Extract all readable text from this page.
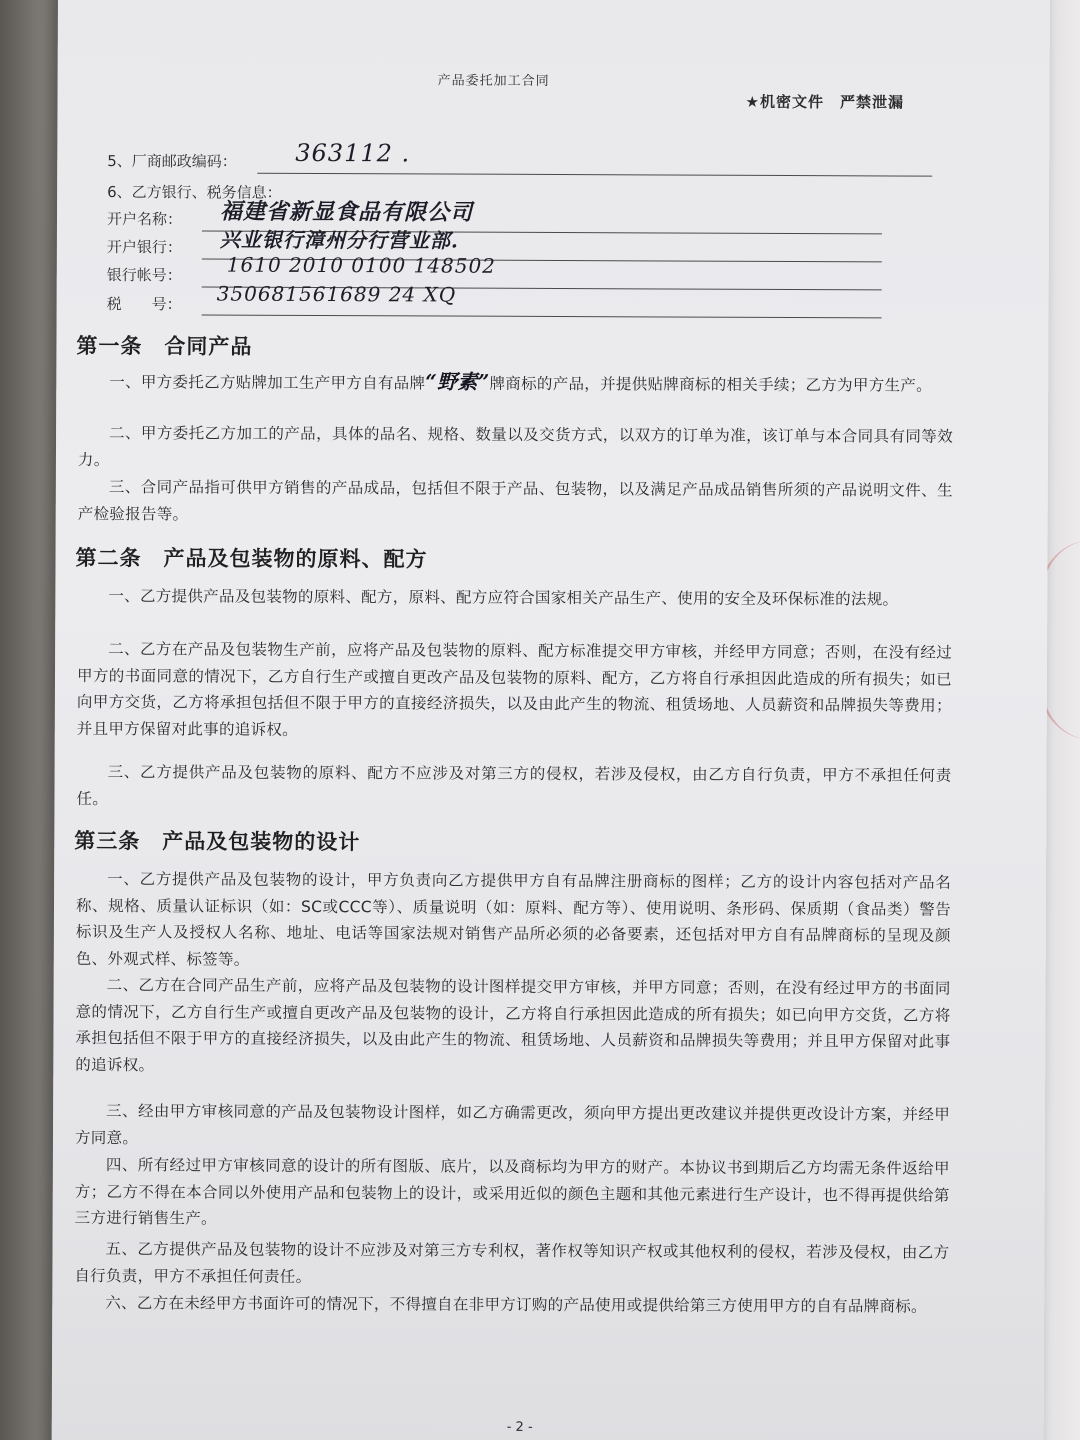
产品委托加工合同
★机密文件　严禁泄漏
5、厂商邮政编码： 363112 .
6、乙方银行、税务信息：
开户名称： 福建省新显食品有限公司
开户银行： 兴业银行漳州分行营业部.
银行帐号： 1610 2010 0100 148502
税　　号： 350681561689 24 XQ
第一条　合同产品
一、甲方委托乙方贴牌加工生产甲方自有品牌“野素”牌商标的产品，并提供贴牌商标的相关手续；乙方为甲方生产。
二、甲方委托乙方加工的产品，具体的品名、规格、数量以及交货方式，以双方的订单为准，该订单与本合同具有同等效力。
三、合同产品指可供甲方销售的产品成品，包括但不限于产品、包装物，以及满足产品成品销售所须的产品说明文件、生产检验报告等。
第二条　产品及包装物的原料、配方
一、乙方提供产品及包装物的原料、配方，原料、配方应符合国家相关产品生产、使用的安全及环保标准的法规。
二、乙方在产品及包装物生产前，应将产品及包装物的原料、配方标准提交甲方审核，并经甲方同意；否则，在没有经过甲方的书面同意的情况下，乙方自行生产或擅自更改产品及包装物的原料、配方，乙方将自行承担因此造成的所有损失；如已向甲方交货，乙方将承担包括但不限于甲方的直接经济损失，以及由此产生的物流、租赁场地、人员薪资和品牌损失等费用；并且甲方保留对此事的追诉权。
三、乙方提供产品及包装物的原料、配方不应涉及对第三方的侵权，若涉及侵权，由乙方自行负责，甲方不承担任何责任。
第三条　产品及包装物的设计
一、乙方提供产品及包装物的设计，甲方负责向乙方提供甲方自有品牌注册商标的图样；乙方的设计内容包括对产品名称、规格、质量认证标识（如：SC或CCC等）、质量说明（如：原料、配方等）、使用说明、条形码、保质期（食品类）警告标识及生产人及授权人名称、地址、电话等国家法规对销售产品所必须的必备要素，还包括对甲方自有品牌商标的呈现及颜色、外观式样、标签等。
二、乙方在合同产品生产前，应将产品及包装物的设计图样提交甲方审核，并甲方同意；否则，在没有经过甲方的书面同意的情况下，乙方自行生产或擅自更改产品及包装物的设计，乙方将自行承担因此造成的所有损失；如已向甲方交货，乙方将承担包括但不限于甲方的直接经济损失，以及由此产生的物流、租赁场地、人员薪资和品牌损失等费用；并且甲方保留对此事的追诉权。
三、经由甲方审核同意的产品及包装物设计图样，如乙方确需更改，须向甲方提出更改建议并提供更改设计方案，并经甲方同意。
四、所有经过甲方审核同意的设计的所有图版、底片，以及商标均为甲方的财产。本协议书到期后乙方均需无条件返给甲方；乙方不得在本合同以外使用产品和包装物上的设计，或采用近似的颜色主题和其他元素进行生产设计，也不得再提供给第三方进行销售生产。
五、乙方提供产品及包装物的设计不应涉及对第三方专利权，著作权等知识产权或其他权利的侵权，若涉及侵权，由乙方自行负责，甲方不承担任何责任。
六、乙方在未经甲方书面许可的情况下，不得擅自在非甲方订购的产品使用或提供给第三方使用甲方的自有品牌商标。
- 2 -
